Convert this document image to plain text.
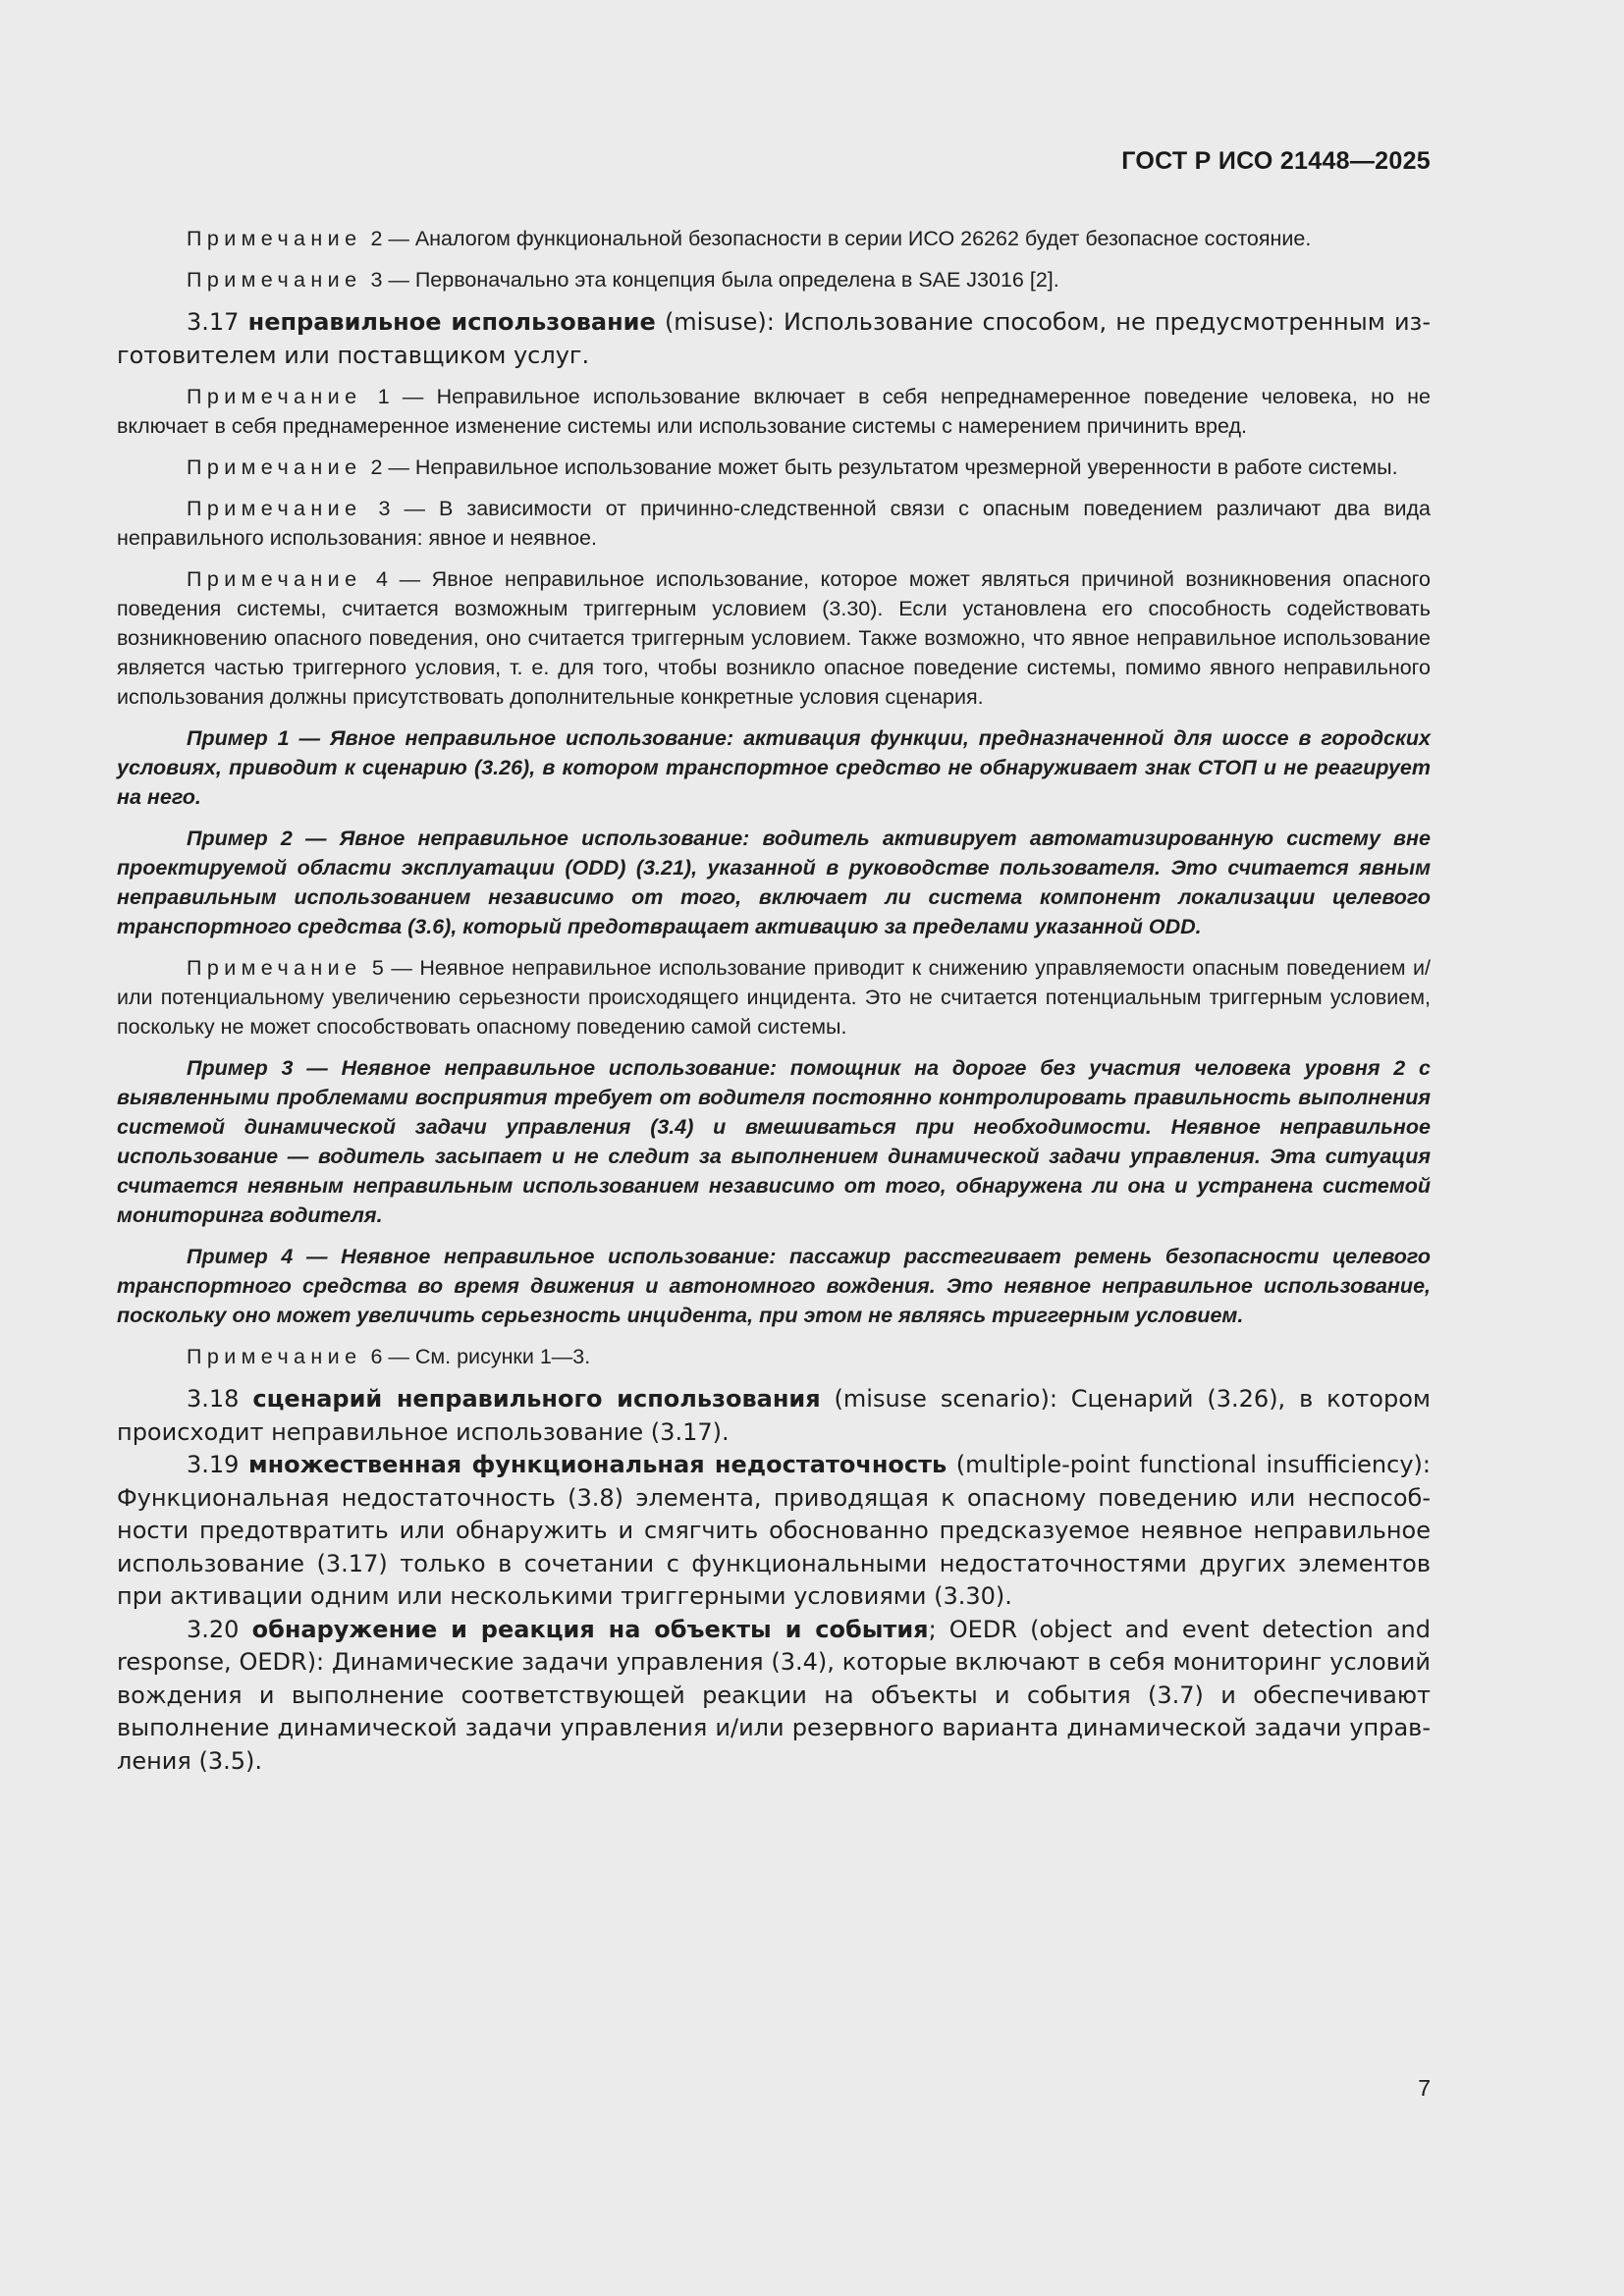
ГОСТ Р ИСО 21448—2025

Примечание 2 — Аналогом функциональной безопасности в серии ИСО 26262 будет безопасное состояние.

Примечание 3 — Первоначально эта концепция была определена в SAE J3016 [2].

3.17 неправильное использование (misuse): Использование способом, не предусмотренным изготовителем или поставщиком услуг.

Примечание 1 — Неправильное использование включает в себя непреднамеренное поведение человека, но не включает в себя преднамеренное изменение системы или использование системы с намерением причинить вред.

Примечание 2 — Неправильное использование может быть результатом чрезмерной уверенности в работе системы.

Примечание 3 — В зависимости от причинно-следственной связи с опасным поведением различают два вида неправильного использования: явное и неявное.

Примечание 4 — Явное неправильное использование, которое может являться причиной возникновения опасного поведения системы, считается возможным триггерным условием (3.30). Если установлена его способность содействовать возникновению опасного поведения, оно считается триггерным условием. Также возможно, что явное неправильное использование является частью триггерного условия, т. е. для того, чтобы возникло опасное поведение системы, помимо явного неправильного использования должны присутствовать дополнительные конкретные условия сценария.

Пример 1 — Явное неправильное использование: активация функции, предназначенной для шоссе в городских условиях, приводит к сценарию (3.26), в котором транспортное средство не обнаруживает знак СТОП и не реагирует на него.

Пример 2 — Явное неправильное использование: водитель активирует автоматизированную систему вне проектируемой области эксплуатации (ODD) (3.21), указанной в руководстве пользователя. Это считается явным неправильным использованием независимо от того, включает ли система компонент локализации целевого транспортного средства (3.6), который предотвращает активацию за пределами указанной ODD.

Примечание 5 — Неявное неправильное использование приводит к снижению управляемости опасным поведением и/или потенциальному увеличению серьезности происходящего инцидента. Это не считается потенциальным триггерным условием, поскольку не может способствовать опасному поведению самой системы.

Пример 3 — Неявное неправильное использование: помощник на дороге без участия человека уровня 2 с выявленными проблемами восприятия требует от водителя постоянно контролировать правильность выполнения системой динамической задачи управления (3.4) и вмешиваться при необходимости. Неявное неправильное использование — водитель засыпает и не следит за выполнением динамической задачи управления. Эта ситуация считается неявным неправильным использованием независимо от того, обнаружена ли она и устранена системой мониторинга водителя.

Пример 4 — Неявное неправильное использование: пассажир расстегивает ремень безопасности целевого транспортного средства во время движения и автономного вождения. Это неявное неправильное использование, поскольку оно может увеличить серьезность инцидента, при этом не являясь триггерным условием.

Примечание 6 — См. рисунки 1—3.

3.18 сценарий неправильного использования (misuse scenario): Сценарий (3.26), в котором происходит неправильное использование (3.17).

3.19 множественная функциональная недостаточность (multiple-point functional insufficiency): Функциональная недостаточность (3.8) элемента, приводящая к опасному поведению или неспособности предотвратить или обнаружить и смягчить обоснованно предсказуемое неявное неправильное использование (3.17) только в сочетании с функциональными недостаточностями других элементов при активации одним или несколькими триггерными условиями (3.30).

3.20 обнаружение и реакция на объекты и события; OEDR (object and event detection and response, OEDR): Динамические задачи управления (3.4), которые включают в себя мониторинг условий вождения и выполнение соответствующей реакции на объекты и события (3.7) и обеспечивают выполнение динамической задачи управления и/или резервного варианта динамической задачи управления (3.5).

7
